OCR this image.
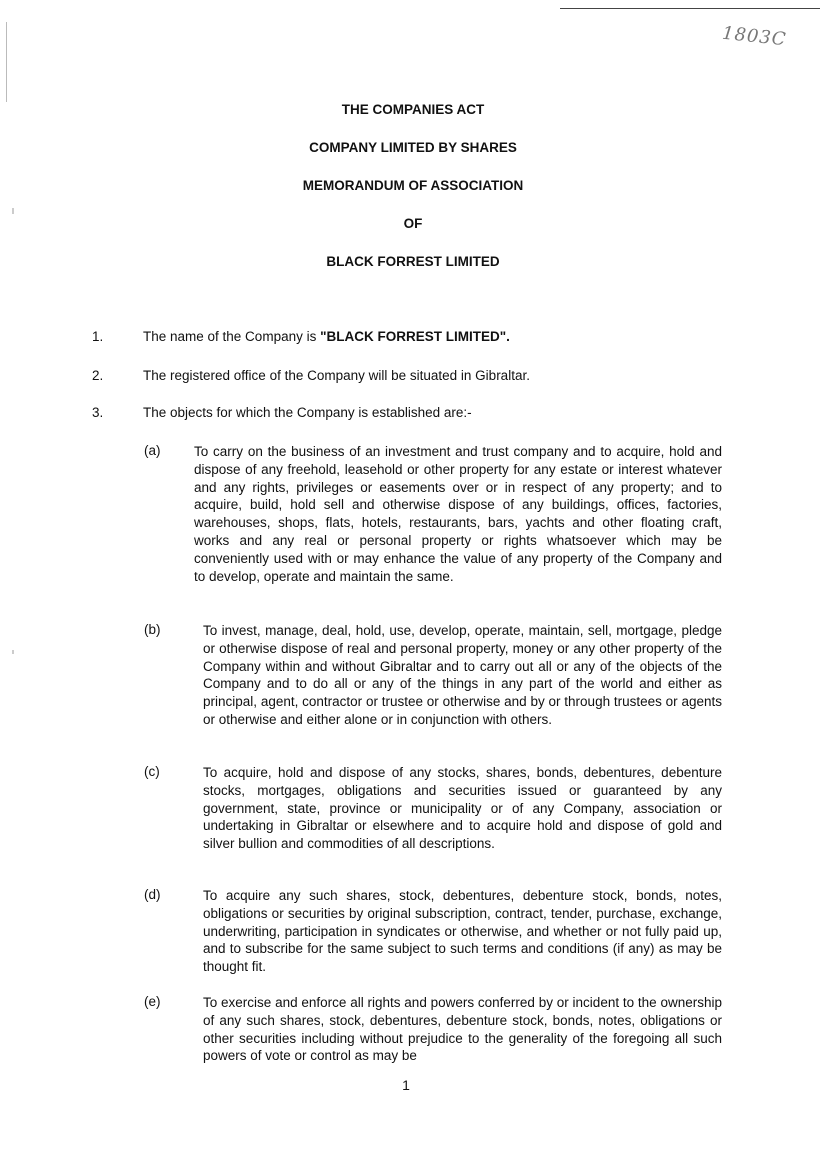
1803C
THE COMPANIES ACT
COMPANY LIMITED BY SHARES
MEMORANDUM OF ASSOCIATION
OF
BLACK FORREST LIMITED
1.	The name of the Company is "BLACK FORREST LIMITED".
2.	The registered office of the Company will be situated in Gibraltar.
3.	The objects for which the Company is established are:-
(a) To carry on the business of an investment and trust company and to acquire, hold and dispose of any freehold, leasehold or other property for any estate or interest whatever and any rights, privileges or easements over or in respect of any property; and to acquire, build, hold sell and otherwise dispose of any buildings, offices, factories, warehouses, shops, flats, hotels, restaurants, bars, yachts and other floating craft, works and any real or personal property or rights whatsoever which may be conveniently used with or may enhance the value of any property of the Company and to develop, operate and maintain the same.

(b)	To invest, manage, deal, hold, use, develop, operate, maintain, sell, mortgage, pledge or otherwise dispose of real and personal property, money or any other property of the Company within and without Gibraltar and to carry out all or any of the objects of the Company and to do all or any of the things in any part of the world and either as principal, agent, contractor or trustee or otherwise and by or through trustees or agents or otherwise and either alone or in conjunction with others.

(c)	To acquire, hold and dispose of any stocks, shares, bonds, debentures, debenture stocks, mortgages, obligations and securities issued or guaranteed by any government, state, province or municipality or of any Company, association or undertaking in Gibraltar or elsewhere and to acquire hold and dispose of gold and silver bullion and commodities of all descriptions.

(d)	To acquire any such shares, stock, debentures, debenture stock, bonds, notes, obligations or securities by original subscription, contract, tender, purchase, exchange, underwriting, participation in syndicates or otherwise, and whether or not fully paid up, and to subscribe for the same subject to such terms and conditions (if any) as may be thought fit.

(e)	To exercise and enforce all rights and powers conferred by or incident to the ownership of any such shares, stock, debentures, debenture stock, bonds, notes, obligations or other securities including without prejudice to the generality of the foregoing all such powers of vote or control as may be

1
